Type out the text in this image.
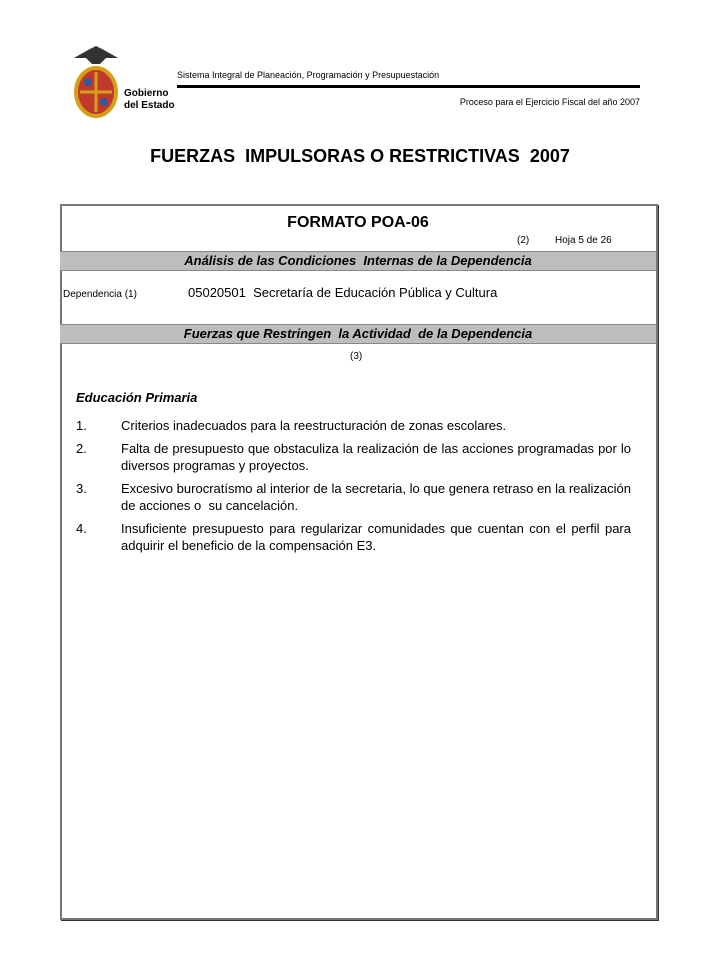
Gobierno
del Estado
Sistema Integral de Planeación, Programación y Presupuestación
Proceso para el Ejercicio Fiscal del año 2007
FUERZAS  IMPULSORAS O RESTRICTIVAS  2007
FORMATO POA-06
(2)	Hoja 5 de 26
Análisis de las Condiciones  Internas de la Dependencia
Dependencia (1)	05020501  Secretaría de Educación Pública y Cultura
Fuerzas que Restringen  la Actividad  de la Dependencia
(3)
Educación Primaria
1.	Criterios inadecuados para la reestructuración de zonas escolares.
2.	Falta de presupuesto que obstaculiza la realización de las acciones programadas por lo diversos programas y proyectos.
3.	Excesivo burocratísmo al interior de la secretaria, lo que genera retraso en la realización de acciones o  su cancelación.
4.	Insuficiente presupuesto para regularizar comunidades que cuentan con el perfil para adquirir el beneficio de la compensación E3.
